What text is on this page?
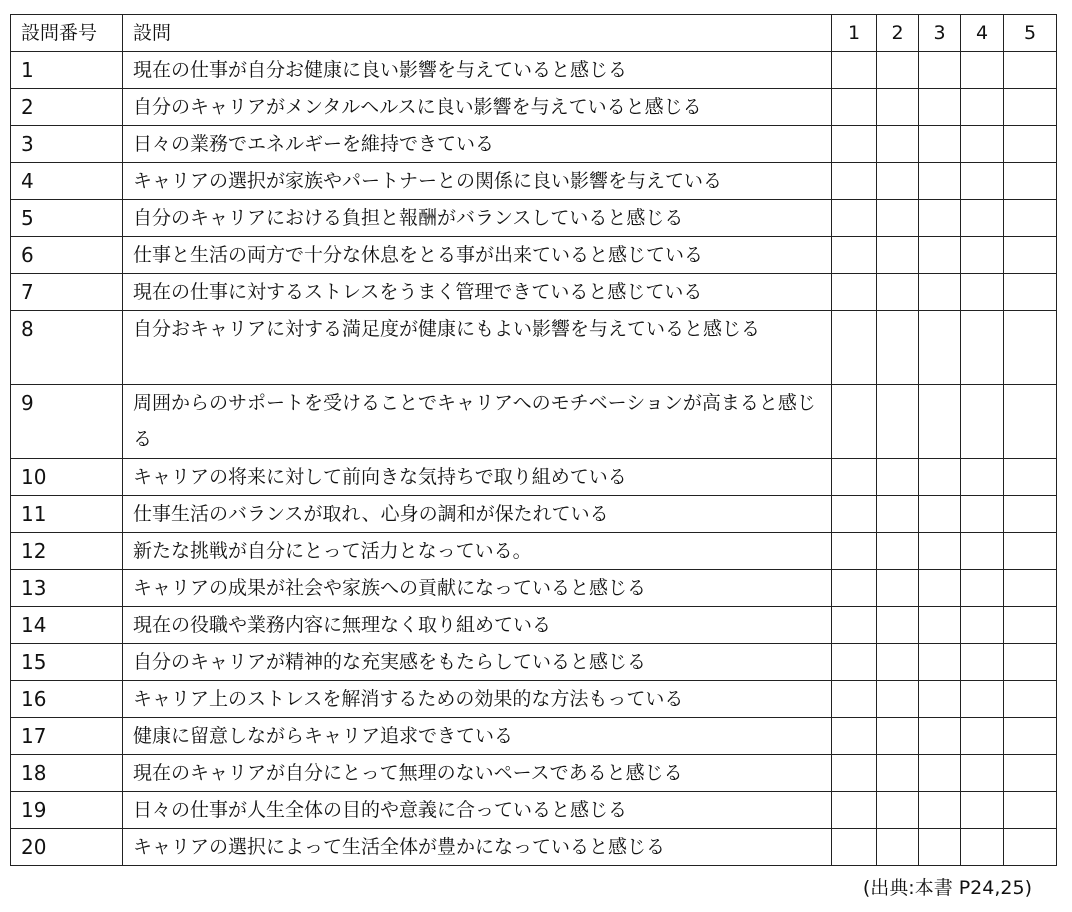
設問番号	設問	1	2	3	4	5
1	現在の仕事が自分お健康に良い影響を与えていると感じる					
2	自分のキャリアがメンタルヘルスに良い影響を与えていると感じる					
3	日々の業務でエネルギーを維持できている					
4	キャリアの選択が家族やパートナーとの関係に良い影響を与えている					
5	自分のキャリアにおける負担と報酬がバランスしていると感じる					
6	仕事と生活の両方で十分な休息をとる事が出来ていると感じている					
7	現在の仕事に対するストレスをうまく管理できていると感じている					
8	自分おキャリアに対する満足度が健康にもよい影響を与えていると感じる					
9	周囲からのサポートを受けることでキャリアへのモチベーションが高まると感じる					
10	キャリアの将来に対して前向きな気持ちで取り組めている					
11	仕事生活のバランスが取れ、心身の調和が保たれている					
12	新たな挑戦が自分にとって活力となっている。					
13	キャリアの成果が社会や家族への貢献になっていると感じる					
14	現在の役職や業務内容に無理なく取り組めている					
15	自分のキャリアが精神的な充実感をもたらしていると感じる					
16	キャリア上のストレスを解消するための効果的な方法もっている					
17	健康に留意しながらキャリア追求できている					
18	現在のキャリアが自分にとって無理のないペースであると感じる					
19	日々の仕事が人生全体の目的や意義に合っていると感じる					
20	キャリアの選択によって生活全体が豊かになっていると感じる					
(出典:本書 P24,25)
